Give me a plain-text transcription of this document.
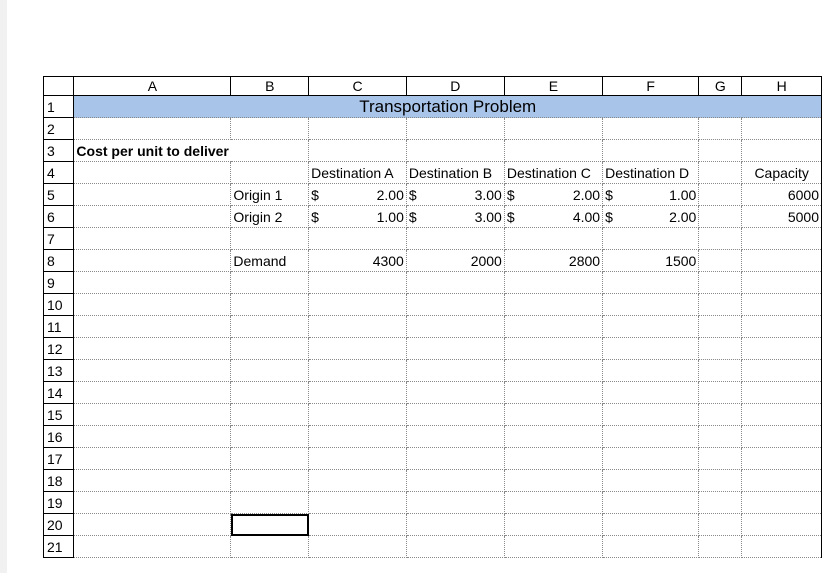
	A	B	C	D	E	F	G	H
1	Transportation Problem							
2								
3	Cost per unit to deliver							
4			Destination A	Destination B	Destination C	Destination D		Capacity
5		Origin 1	$ 2.00	$ 3.00	$ 2.00	$ 1.00		6000
6		Origin 2	$ 1.00	$ 3.00	$ 4.00	$ 2.00		5000
7								
8		Demand	4300	2000	2800	1500		
9								
10								
11								
12								
13								
14								
15								
16								
17								
18								
19								
20								
21								
